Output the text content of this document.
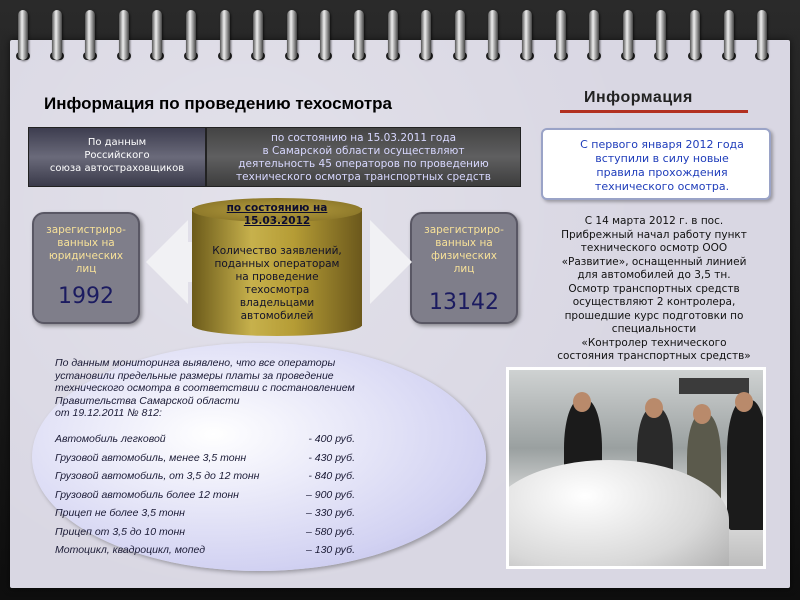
Информация по проведению техосмотра	Информация
По данным
Российского
союза автостраховщиков
по состоянию на 15.03.2011 года
в Самарской области осуществляют
деятельность 45 операторов по проведению
технического осмотра транспортных средств
С первого января 2012 года
вступили в силу новые
правила прохождения
технического осмотра.
зарегистриро-
ванных на
юридических
лиц
1992
зарегистриро-
ванных на
физических
лиц
13142
по состоянию на
15.03.2012
Количество заявлений,
поданных операторам
на проведение
техосмотра
владельцами
автомобилей
С 14 марта 2012 г. в пос.
Прибрежный начал работу пункт
технического осмотр ООО
«Развитие», оснащенный линией
для автомобилей до 3,5 тн.
Осмотр транспортных средств
осуществляют 2 контролера,
прошедшие курс подготовки по
специальности
«Контролер технического
состояния транспортных средств»
По данным мониторинга выявлено, что все операторы
установили предельные размеры платы за проведение
технического осмотра в соответствии с постановлением
Правительства Самарской области
от 19.12.2011 № 812:
Автомобиль легковой	- 400 руб.
Грузовой автомобиль, менее 3,5 тонн	- 430 руб.
Грузовой автомобиль, от 3,5 до 12 тонн	- 840 руб.
Грузовой автомобиль более 12 тонн	– 900 руб.
Прицеп не более 3,5 тонн	– 330 руб.
Прицеп от 3,5 до 10 тонн	– 580 руб.
Мотоцикл, квадроцикл, мопед	– 130 руб.
